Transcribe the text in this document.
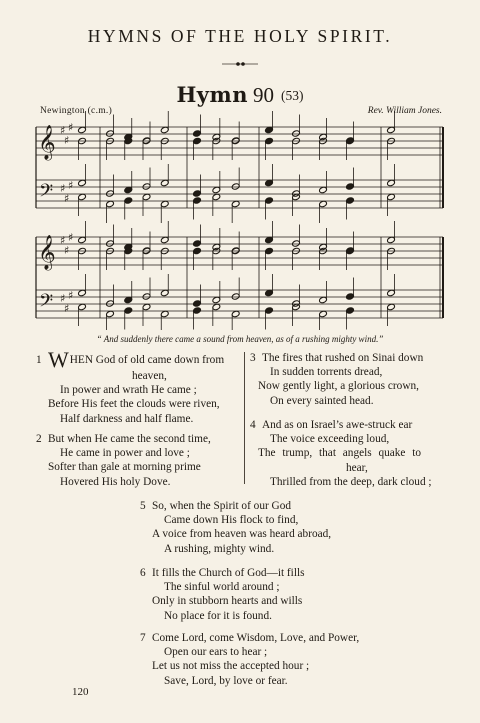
HYMNS OF THE HOLY SPIRIT.
Hymn 90 (53)
Newington (c.m.)	Rev. William Jones.
𝄞
𝄢
♯
♯
♯
♯
♯
♯
𝄞
𝄢
♯
♯
♯
♯
♯
♯
“ And suddenly there came a sound from heaven, as of a rushing mighty wind.”
1 WHEN God of old came down from
heaven,
In power and wrath He came ;
Before His feet the clouds were riven,
Half darkness and half flame.
2 But when He came the second time,
He came in power and love ;
Softer than gale at morning prime
Hovered His holy Dove.
3 The fires that rushed on Sinai down
In sudden torrents dread,
Now gently light, a glorious crown,
On every sainted head.
4 And as on Israel’s awe-struck ear
The voice exceeding loud,
The trump, that angels quake to
hear,
Thrilled from the deep, dark cloud ;
5 So, when the Spirit of our God
Came down His flock to find,
A voice from heaven was heard abroad,
A rushing, mighty wind.
6 It fills the Church of God—it fills
The sinful world around ;
Only in stubborn hearts and wills
No place for it is found.
7 Come Lord, come Wisdom, Love, and Power,
Open our ears to hear ;
Let us not miss the accepted hour ;
Save, Lord, by love or fear.
120
